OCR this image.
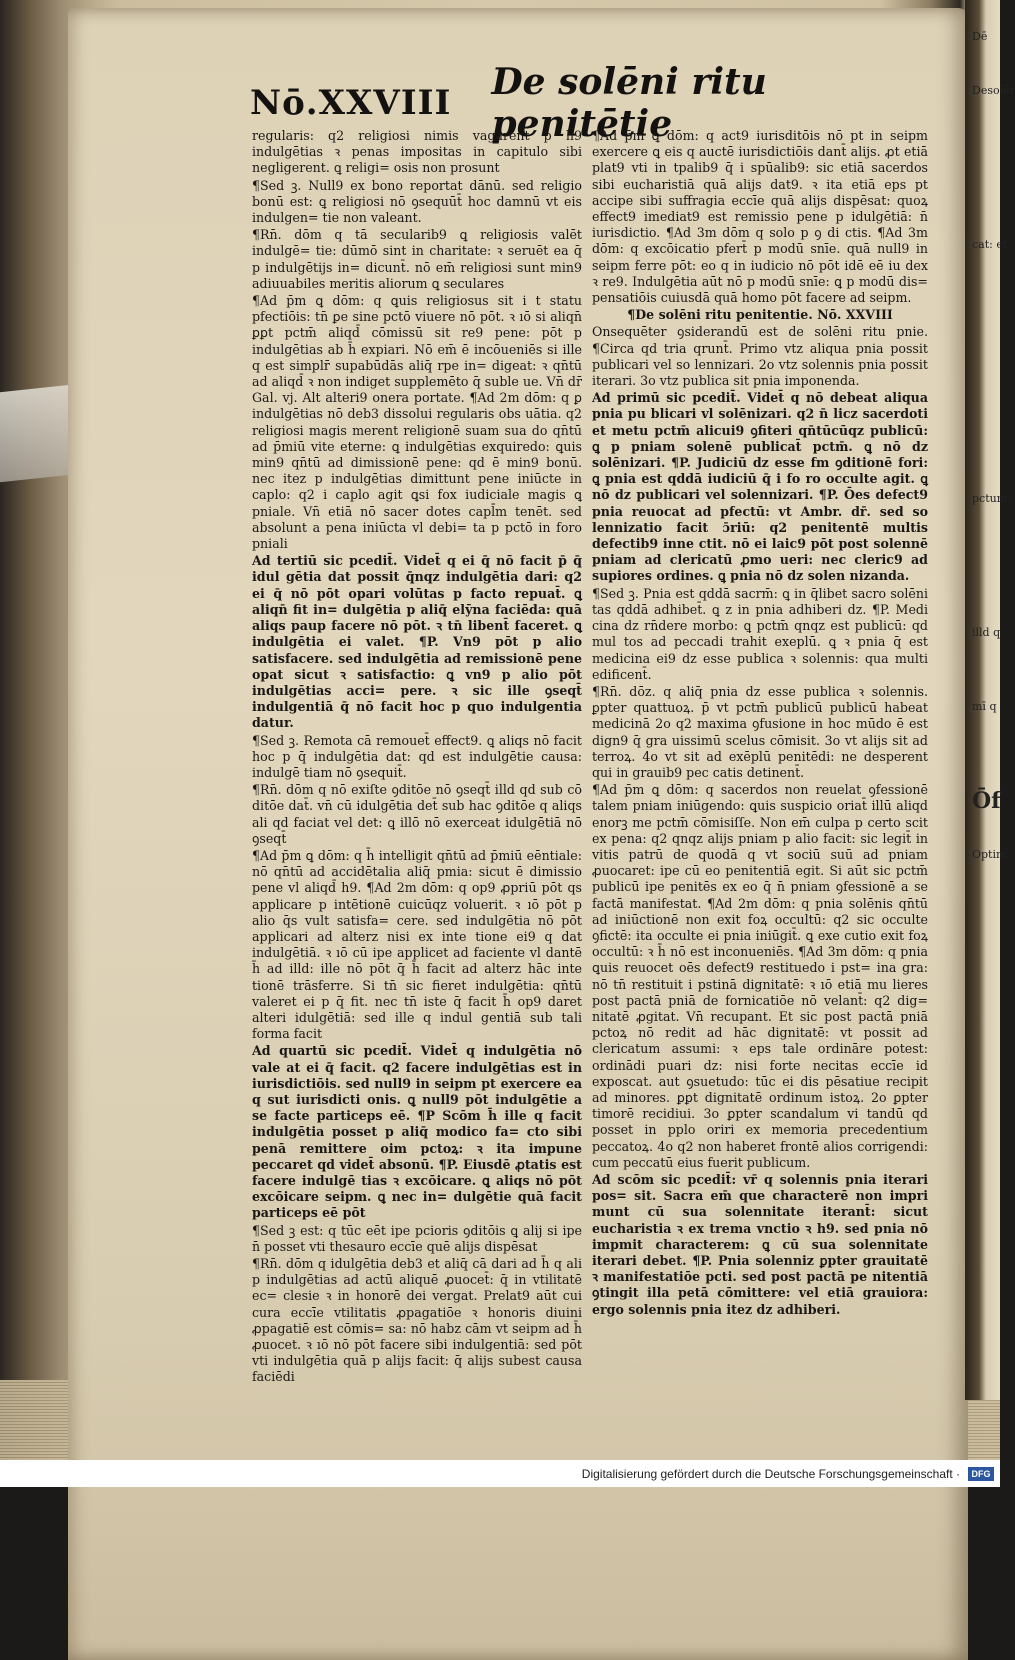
Dē
Desolēr
cat: et
pctum:
illd q
mī q
Ōf
Optim
Nō.XXVIII De solēni ritu penitētie

regularis: q2 religiosi nimis vagarent̄ p h9 indulgētias ꝛ penas impositas in capitulo sibi negligerent. ꝗ religi= osis non prosunt

¶Sed ꝫ. Null9 ex bono reportat dānū. sed religio bonū est: ꝗ religiosi nō ꝯsequūt̄ hoc damnū vt eis indulgen= tie non valeant.

¶Rn̄. dōm q tā secularib9 ꝗ religiosis valēt indulgē= tie: dūmō sint in charitate: ꝛ seruēt ea q̄ p indulgētijs in= dicunt̄. nō em̄ religiosi sunt min9 adiuuabiles meritis aliorum ꝗ seculares

¶Ad p̄m ꝗ dōm: q ꝗuis religiosus sit i t statu pfectiōis: tn̄ ꝑe sine pctō viuere nō pōt. ꝛ ıō si aliqn̄ ꝑꝑt pctm̄ aliqd̄ cōmissū sit re9 pene: pōt p indulgētias ab h̄ expiari. Nō em̄ ē incōueniēs si ille q est simplr̄ supabūdās aliq̄ rpe in= digeat: ꝛ qn̄tū ad aliqd̄ ꝛ non indiget supplemēto q̄ suble ue. Vn̄ dr̄ Gal. vj. Alt alteri9 onera portate. ¶Ad 2m dōm: q ꝑ indulgētias nō deb3 dissolui regularis obs uātia. q2 religiosi magis merent religionē suam sua do qn̄tū ad p̄miū vite eterne: ꝗ indulgētias exquiredo: ꝗuis min9 qn̄tū ad dimissionē pene: qd ē min9 bonū. nec itez p indulgētias dimittunt pene iniūcte in caplo: q2 i caplo agit ꝗsi fox iudiciale magis ꝗ pniale. Vn̄ etiā nō sacer dotes capl̄m tenēt. sed absolunt a pena iniūcta vl debi= ta p pctō in foro pniali

Ad tertiū sic pcedit̄. Videt̄ q ei q̄ nō facit p̄ q̄ idul gētia dat possit q̄nqz indulgētia dari: q2 ei q̄ nō pōt opari volūtas p facto repuat̄. ꝗ aliqn̄ fit in= dulgētia p aliq̄ elȳna faciēda: quā aliqs paup facere nō pōt. ꝛ tn̄ libent̄ faceret. ꝗ indulgētia ei valet. ¶P. Vn9 pōt p alio satisfacere. sed indulgētia ad remissionē pene opat sicut ꝛ satisfactio: ꝗ vn9 p alio pōt indulgētias acci= pere. ꝛ sic ille ꝯseqt̄ indulgentiā q̄ nō facit hoc p quo indulgentia datur.

¶Sed ꝫ. Remota cā remouet̄ effect9. ꝗ aliqs nō facit hoc p q̄ indulgētia dat: qd est indulgētie causa: indulgē tiam nō ꝯsequit̄.

¶Rn̄. dōm q nō exiſte ꝯditōe nō ꝯseqt̄ illd qd sub cō ditōe dat̄. vn̄ cū idulgētia det̄ sub hac ꝯditōe q aliqs ali qd faciat vel det: ꝗ illō nō exerceat idulgētiā nō ꝯseqt̄

¶Ad p̄m ꝗ dōm: q h̄ intelligit qn̄tū ad p̄miū eēntiale: nō qn̄tū ad accidētalia aliq̄ pmia: sicut ē dimissio pene vl aliqd̄ h9. ¶Ad 2m dōm: q op9 ꝓpriū pōt qs applicare p intētionē cuicūqz voluerit. ꝛ ıō pōt p alio q̄s vult satisfa= cere. sed indulgētia nō pōt applicari ad alterz nisi ex inte tione ei9 q dat indulgētiā. ꝛ ıō cū ipe applicet ad faciente vl dantē h̄ ad illd: ille nō pōt q̄ h̄ facit ad alterz hāc inte tionē trāsferre. Si tn̄ sic fieret indulgētia: qn̄tū valeret ei p q̄ fit. nec tn̄ iste q̄ facit h̄ op9 daret alteri idulgētiā: sed ille q indul gentiā sub tali forma facit

Ad quartū sic pcedit̄. Videt̄ q indulgētia nō vale at ei q̄ facit. q2 facere indulgētias est in iurisdictiōis. sed null9 in seipm pt exercere ea q sut iurisdicti onis. ꝗ null9 pōt indulgētie a se facte particeps eē. ¶P Scōm h̄ ille q facit indulgētia posset p aliq̄ modico fa= cto sibi penā remittere oim pctoꝝ: ꝛ ita impune peccaret qd videt̄ absonū. ¶P. Eiusdē ꝓtatis est facere indulgē tias ꝛ excōicare. ꝗ aliqs nō pōt excōicare seipm. ꝗ nec in= dulgētie quā facit particeps eē pōt

¶Sed ꝫ est: q tūc eēt ipe pcioris ꝯditōis ꝗ alij si ipe n̄ posset vti thesauro eccīe quē alijs dispēsat

¶Rn̄. dōm q idulgētia deb3 et aliq̄ cā dari ad h̄ q ali p indulgētias ad actū aliquē ꝓuocet̄: q̄ in vtilitatē ec= clesie ꝛ in honorē dei vergat. Prelat9 aūt cui cura eccīe vtilitatis ꝓpagatiōe ꝛ honoris diuini ꝓpagatiē est cōmis= sa: nō habz cām vt seipm ad h̄ ꝓuocet. ꝛ ıō nō pōt facere sibi indulgentiā: sed pōt vti indulgētia quā p alijs facit: q̄ alijs subest causa faciēdi

¶Ad p̄m ꝗ dōm: q act9 iurisditōis nō pt in seipm exercere ꝗ eis q auctē iurisdictiōis dant̄ alijs. ꝓt etiā plat9 vti in tpalib9 q̄ i spūalib9: sic etiā sacerdos sibi eucharistiā quā alijs dat9. ꝛ ita etiā eps pt accipe sibi suffragia eccīe quā alijs dispēsat: quoꝝ effect9 imediat9 est remissio pene p idulgētiā: n̄ iurisdictio. ¶Ad 3m dōm q solo p ꝯ di ctis. ¶Ad 3m dōm: q excōicatio pfert̄ p modū snīe. quā null9 in seipm ferre pōt: eo q in iudicio nō pōt idē eē iu dex ꝛ re9. Indulgētia aūt nō p modū snīe: ꝗ p modū dis= pensatiōis cuiusdā quā homo pōt facere ad seipm.

¶De solēni ritu penitentie. Nō. XXVIII

Onsequēter ꝯsiderandū est de solēni ritu pnie. ¶Circa qd tria qrunt̄. Primo vtz aliqua pnia possit publicari vel so lennizari. 2o vtz solennis pnia possit iterari. 3o vtz publica sit pnia imponenda.

Ad primū sic pcedit̄. Videt̄ q nō debeat aliqua pnia pu blicari vl solēnizari. q2 n̄ licz sacerdoti et metu pctm̄ alicui9 ꝯfiteri qn̄tūcūqz publicū: ꝗ p pniam solenē publicat̄ pctm̄. ꝗ nō dz solēnizari. ¶P. Judiciū dz esse fm ꝯditionē fori: ꝗ pnia est qddā iudiciū q̄ i fo ro occulte agit. ꝗ nō dz publicari vel solennizari. ¶P. Ōes defect9 pnia reuocat ad pfectū: vt Ambr. dr̄. sed so lennizatio facit ɔ̄riū: q2 penitentē multis defectib9 inne ctit. nō ei laic9 pōt post solennē pniam ad clericatū ꝓmo ueri: nec cleric9 ad supiores ordines. ꝗ pnia nō dz solen nizanda.

¶Sed ꝫ. Pnia est qddā sacrm̄: ꝗ in q̄libet sacro solēni tas qddā adhibet̄. ꝗ z in pnia adhiberi dz. ¶P. Medi cina dz rn̄dere morbo: ꝗ pctm̄ qnqz est publicū: qd mul tos ad peccadi trahit exeplū. ꝗ ꝛ pnia q̄ est medicina ei9 dz esse publica ꝛ solennis: qua multi edificent̄.

¶Rn̄. dōz. q aliq̄ pnia dz esse publica ꝛ solennis. ꝑpter quattuoꝝ. p̄ vt pctm̄ publicū publicū habeat medicinā 2o q2 maxima ꝯfusione in hoc mūdo ē est dign9 q̄ gra uissimū scelus cōmisit. 3o vt alijs sit ad terroꝝ. 4o vt sit ad exēplū penitēdi: ne desperent qui in grauib9 pec catis detinent̄.

¶Ad p̄m ꝗ dōm: q sacerdos non reuelat ꝯfessionē talem pniam iniūgendo: ꝗuis suspicio oriat̄ illū aliqd enorꝫ me pctm̄ cōmisiſſe. Non em̄ culpa p certo scit ex pena: q2 qnqz alijs pniam p alio facit: sic legit̄ in vitis patrū de quodā q vt sociū suū ad pniam ꝓuocaret: ipe cū eo penitentiā egit. Si aūt sic pctm̄ publicū ipe penitēs ex eo q̄ n̄ pniam ꝯfessionē a se factā manifestat. ¶Ad 2m dōm: q pnia solēnis qn̄tū ad iniūctionē non exit foꝝ occultū: q2 sic occulte ꝯfictē: ita occulte ei pnia iniūgit̄. ꝗ exe cutio exit foꝝ occultū: ꝛ h̄ nō est inconueniēs. ¶Ad 3m dōm: q pnia ꝗuis reuocet oēs defect9 restituedo i pst= ina gra: nō tn̄ restituit i pstinā dignitatē: ꝛ ıō etiā mu lieres post pactā pniā de fornicatiōe nō velant̄: q2 dig= nitatē ꝓgitat. Vn̄ recupant. Et sic post pactā pniā pctoꝝ nō redit ad hāc dignitatē: vt possit ad clericatum assumi: ꝛ eps tale ordināre potest: ordinādi puari dz: nisi forte necitas eccīe id exposcat. aut ꝯsuetudo: tūc ei dis pēsatiue recipit ad minores. ꝑꝑt dignitatē ordinum istoꝝ. 2o ꝑpter timorē recidiui. 3o ꝑpter scandalum vi tandū qd posset in pplo oriri ex memoria precedentium peccatoꝝ. 4o q2 non haberet frontē alios corrigendi: cum peccatū eius fuerit publicum.

Ad scōm sic pcedit̄: vr̄ q solennis pnia iterari pos= sit. Sacra em̄ que characterē non impri munt cū sua solennitate iterant̄: sicut eucharistia ꝛ ex trema vnctio ꝛ h9. sed pnia nō impmit characterem: ꝗ cū sua solennitate iterari debet. ¶P. Pnia solenniz ꝑpter grauitatē ꝛ manifestatiōe pcti. sed post pactā pe nitentiā ꝯtingit illa petā cōmittere: vel etiā grauiora: ergo solennis pnia itez dz adhiberi.

Digitalisierung gefördert durch die Deutsche Forschungsgemeinschaft ·	DFG
